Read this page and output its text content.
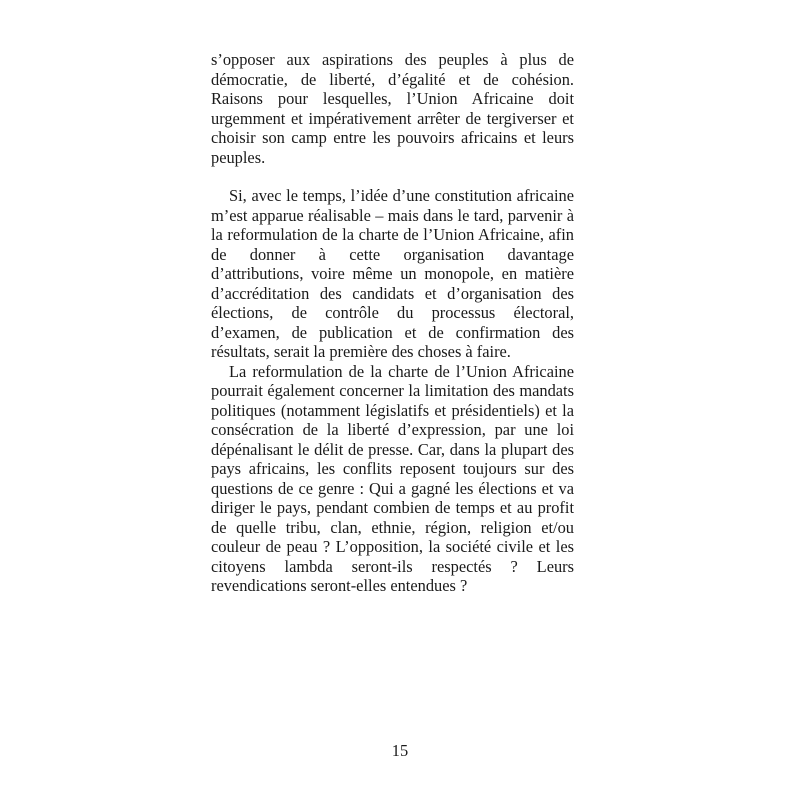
s’opposer aux aspirations des peuples à plus de démocratie, de liberté, d’égalité et de cohésion. Raisons pour lesquelles, l’Union Africaine doit urgemment et impérativement arrêter de tergiverser et choisir son camp entre les pouvoirs africains et leurs peuples.

Si, avec le temps, l’idée d’une constitution africaine m’est apparue réalisable – mais dans le tard, parvenir à la reformulation de la charte de l’Union Africaine, afin de donner à cette organisation davantage d’attributions, voire même un monopole, en matière d’accréditation des candidats et d’organisation des élections, de contrôle du processus électoral, d’examen, de publication et de confirmation des résultats, serait la première des choses à faire.

La reformulation de la charte de l’Union Africaine pourrait également concerner la limitation des mandats politiques (notamment législatifs et présidentiels) et la consécration de la liberté d’expression, par une loi dépénalisant le délit de presse. Car, dans la plupart des pays africains, les conflits reposent toujours sur des questions de ce genre : Qui a gagné les élections et va diriger le pays, pendant combien de temps et au profit de quelle tribu, clan, ethnie, région, religion et/ou couleur de peau ? L’opposition, la société civile et les citoyens lambda seront-ils respectés ? Leurs revendications seront-elles entendues ?

15
